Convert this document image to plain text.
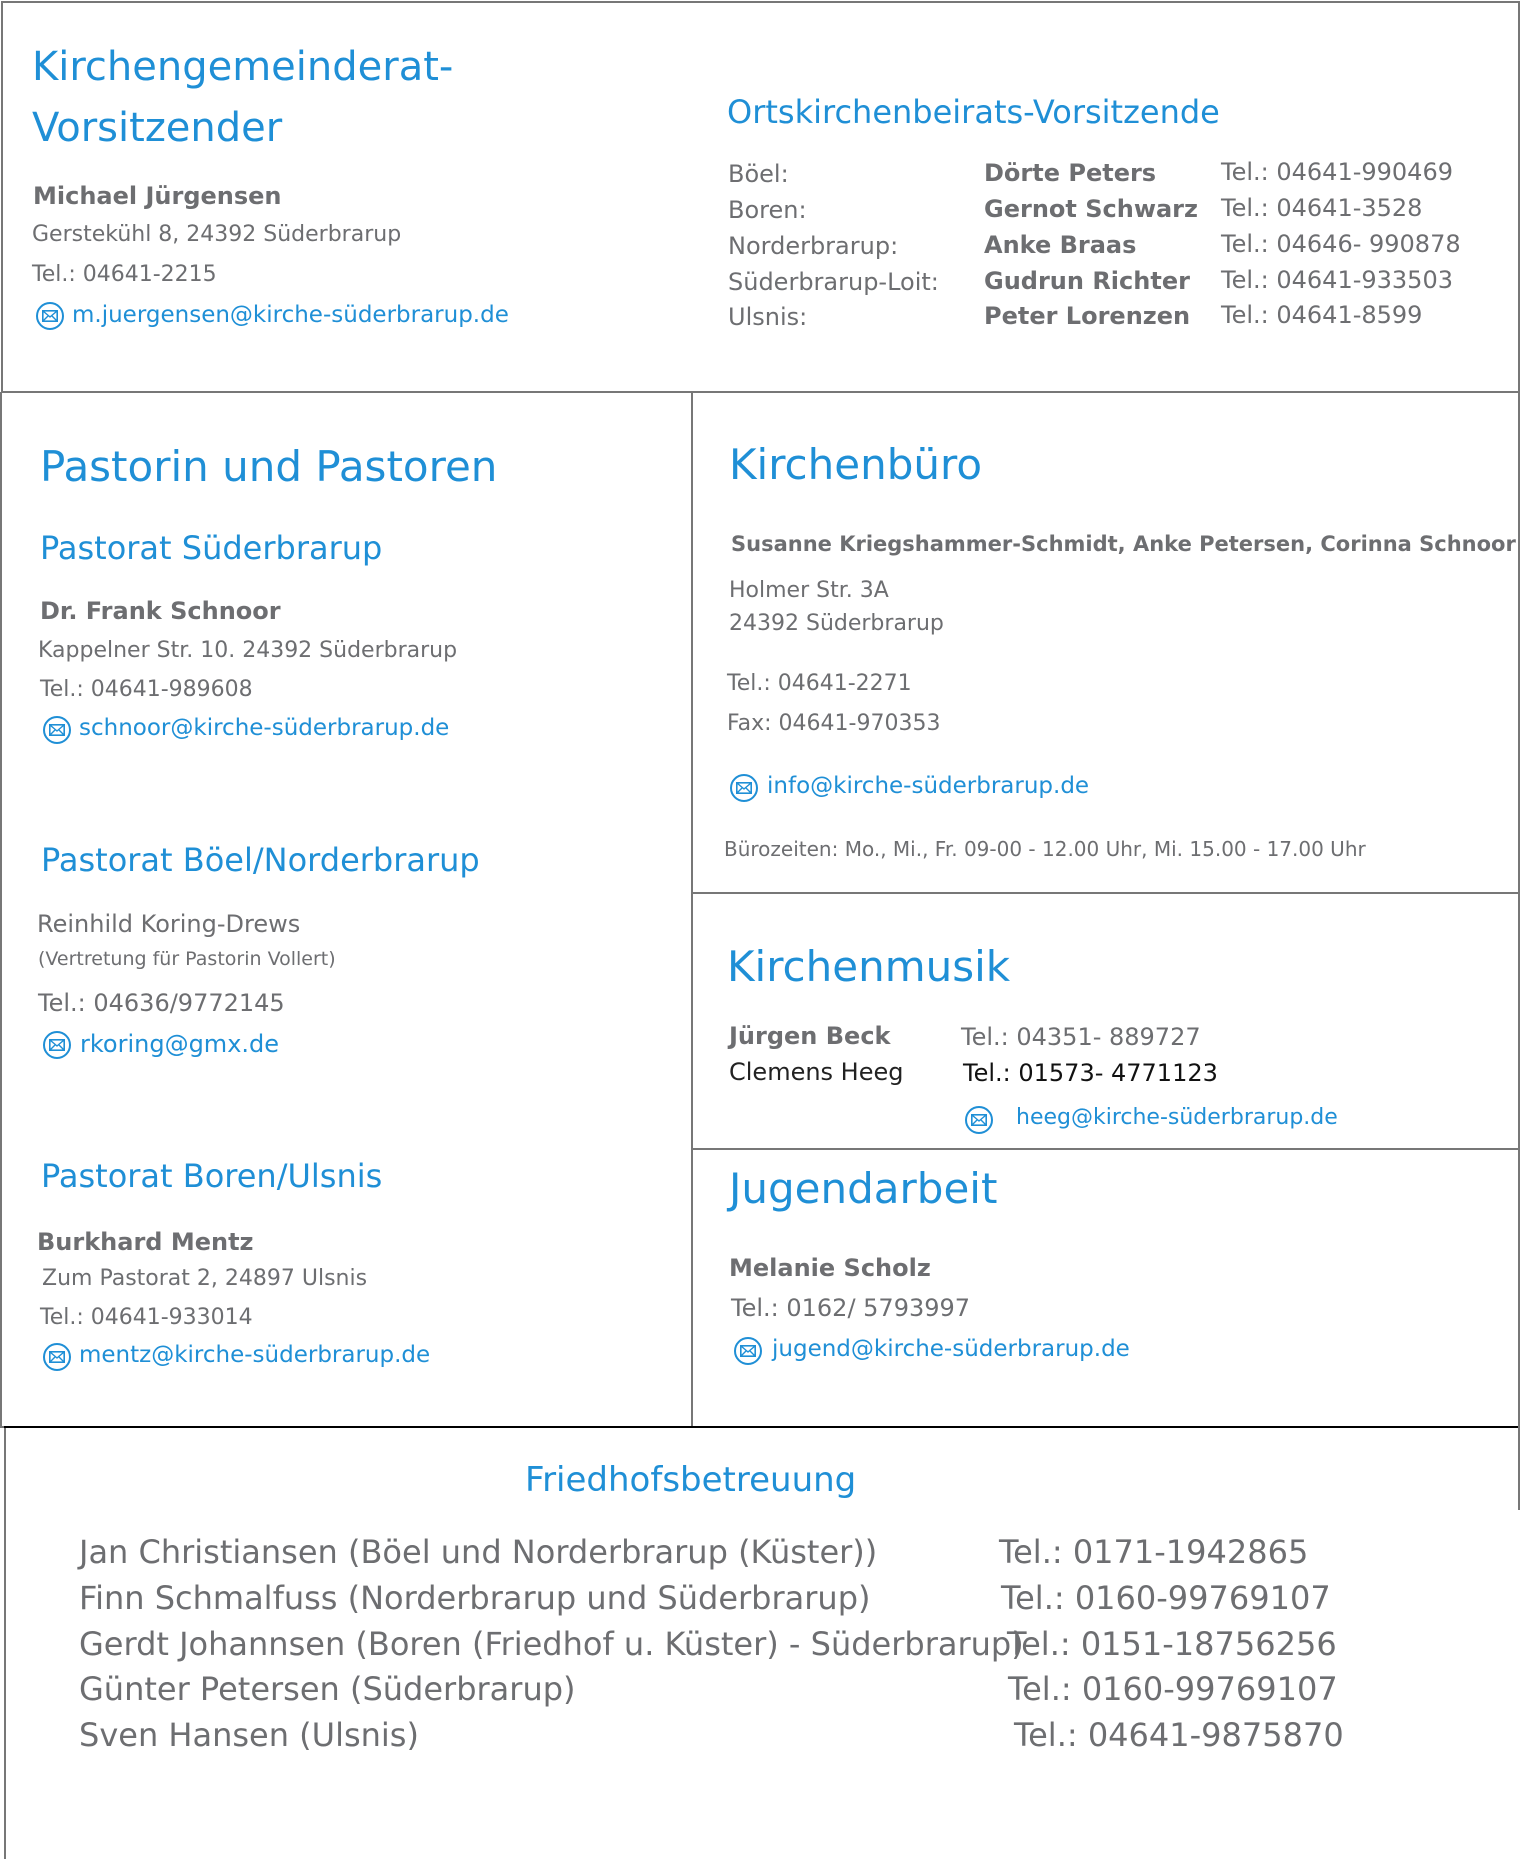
Kirchengemeinderat-
Vorsitzender
Michael Jürgensen
Gerstekühl 8, 24392 Süderbrarup
Tel.: 04641-2215
m.juergensen@kirche-süderbrarup.de
Ortskirchenbeirats-Vorsitzende
Böel:
Boren:
Norderbrarup:
Süderbrarup-Loit:
Ulsnis:
Dörte Peters
Gernot Schwarz
Anke Braas
Gudrun Richter
Peter Lorenzen
Tel.: 04641-990469
Tel.: 04641-3528
Tel.: 04646- 990878
Tel.: 04641-933503
Tel.: 04641-8599
Pastorin und Pastoren
Pastorat Süderbrarup
Dr. Frank Schnoor
Kappelner Str. 10. 24392 Süderbrarup
Tel.: 04641-989608
schnoor@kirche-süderbrarup.de
Pastorat Böel/Norderbrarup
Reinhild Koring-Drews
(Vertretung für Pastorin Vollert)
Tel.: 04636/9772145
rkoring@gmx.de
Pastorat Boren/Ulsnis
Burkhard Mentz
Zum Pastorat 2, 24897 Ulsnis
Tel.: 04641-933014
mentz@kirche-süderbrarup.de
Kirchenbüro
Susanne Kriegshammer-Schmidt, Anke Petersen, Corinna Schnoor
Holmer Str. 3A
24392 Süderbrarup
Tel.: 04641-2271
Fax: 04641-970353
info@kirche-süderbrarup.de
Bürozeiten: Mo., Mi., Fr. 09-00 - 12.00 Uhr, Mi. 15.00 - 17.00 Uhr
Kirchenmusik
Jürgen Beck	Tel.: 04351- 889727
Clemens Heeg Tel.: 01573- 4771123
heeg@kirche-süderbrarup.de
Jugendarbeit
Melanie Scholz
Tel.: 0162/ 5793997
jugend@kirche-süderbrarup.de
Friedhofsbetreuung
Jan Christiansen (Böel und Norderbrarup (Küster))
Finn Schmalfuss (Norderbrarup und Süderbrarup)
Gerdt Johannsen (Boren (Friedhof u. Küster) - Süderbrarup)
Günter Petersen (Süderbrarup)
Sven Hansen (Ulsnis)
Tel.: 0171-1942865
Tel.: 0160-99769107
Tel.: 0151-18756256
Tel.: 0160-99769107
Tel.: 04641-9875870
